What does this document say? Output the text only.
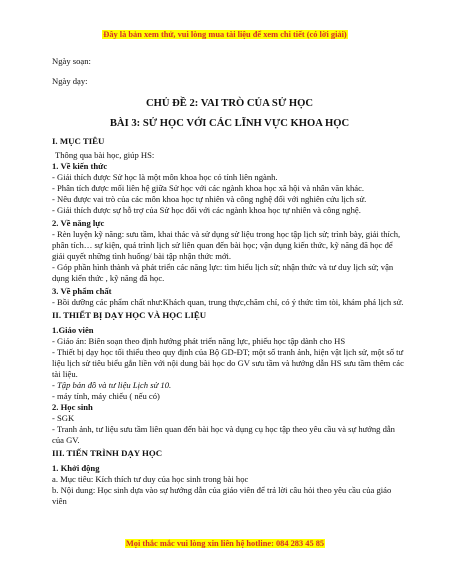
Đây là bản xem thử, vui lòng mua tài liệu để xem chi tiết (có lời giải)
Ngày soạn:
Ngày dạy:
CHỦ ĐỀ 2: VAI TRÒ CỦA SỬ HỌC
BÀI 3: SỬ HỌC VỚI CÁC LĨNH VỰC KHOA HỌC
I. MỤC TIÊU
Thông qua bài học, giúp HS:
1. Về kiến thức
- Giải thích được Sử học là một môn khoa học có tính liên ngành.
- Phân tích được mối liên hệ giữa Sử học với các ngành khoa học xã hội và nhân văn khác.
- Nêu được vai trò của các môn khoa học tự nhiên và công nghệ đối với nghiên cứu lịch sử.
- Giải thích được sự hỗ trợ của Sử học đối với các ngành khoa học tự nhiên và công nghệ.
2. Về năng lực
- Rèn luyện kỹ năng: sưu tầm, khai thác và sử dụng sử liệu trong học tập lịch sử; trình bày, giải thích, phân tích… sự kiện, quá trình lịch sử liên quan đến bài học; vận dụng kiến thức, kỹ năng đã học để giải quyết những tình huống/ bài tập nhận thức mới.
- Góp phần hình thành và phát triển các năng lực: tìm hiểu lịch sử; nhận thức và tư duy lịch sử; vận dụng kiến thức , kỹ năng đã học.
3. Về phẩm chất
- Bồi dưỡng các phẩm chất như:Khách quan, trung thực,chăm chỉ, có ý thức tìm tòi, khám phá lịch sử.
II. THIẾT BỊ DẠY HỌC VÀ HỌC LIỆU
1.Giáo viên
- Giáo án: Biên soạn theo định hướng phát triển năng lực, phiếu học tập dành cho HS
- Thiết bị dạy học tối thiểu theo quy định của Bộ GD-ĐT; một số tranh ảnh, hiện vật lịch sử, một số tư liệu lịch sử tiêu biểu gắn liền với nội dung bài học do GV sưu tầm và hướng dẫn HS sưu tầm thêm các tài liệu.
- Tập bản đồ và tư liệu Lịch sử 10.
- máy tính, máy chiếu ( nếu có)
2. Học sinh
- SGK
- Tranh ảnh, tư liệu sưu tầm liên quan đến bài học và dụng cụ học tập theo yêu cầu và sự hướng dẫn của GV.
III. TIẾN TRÌNH DẠY HỌC
1. Khởi động
a. Mục tiêu: Kích thích tư duy của học sinh trong bài học
b. Nội dung: Học sinh dựa vào sự hướng dẫn của giáo viên để trả lời câu hỏi theo yêu cầu của giáo viên
Mọi thắc mắc vui lòng xin liên hệ hotline: 084 283 45 85
